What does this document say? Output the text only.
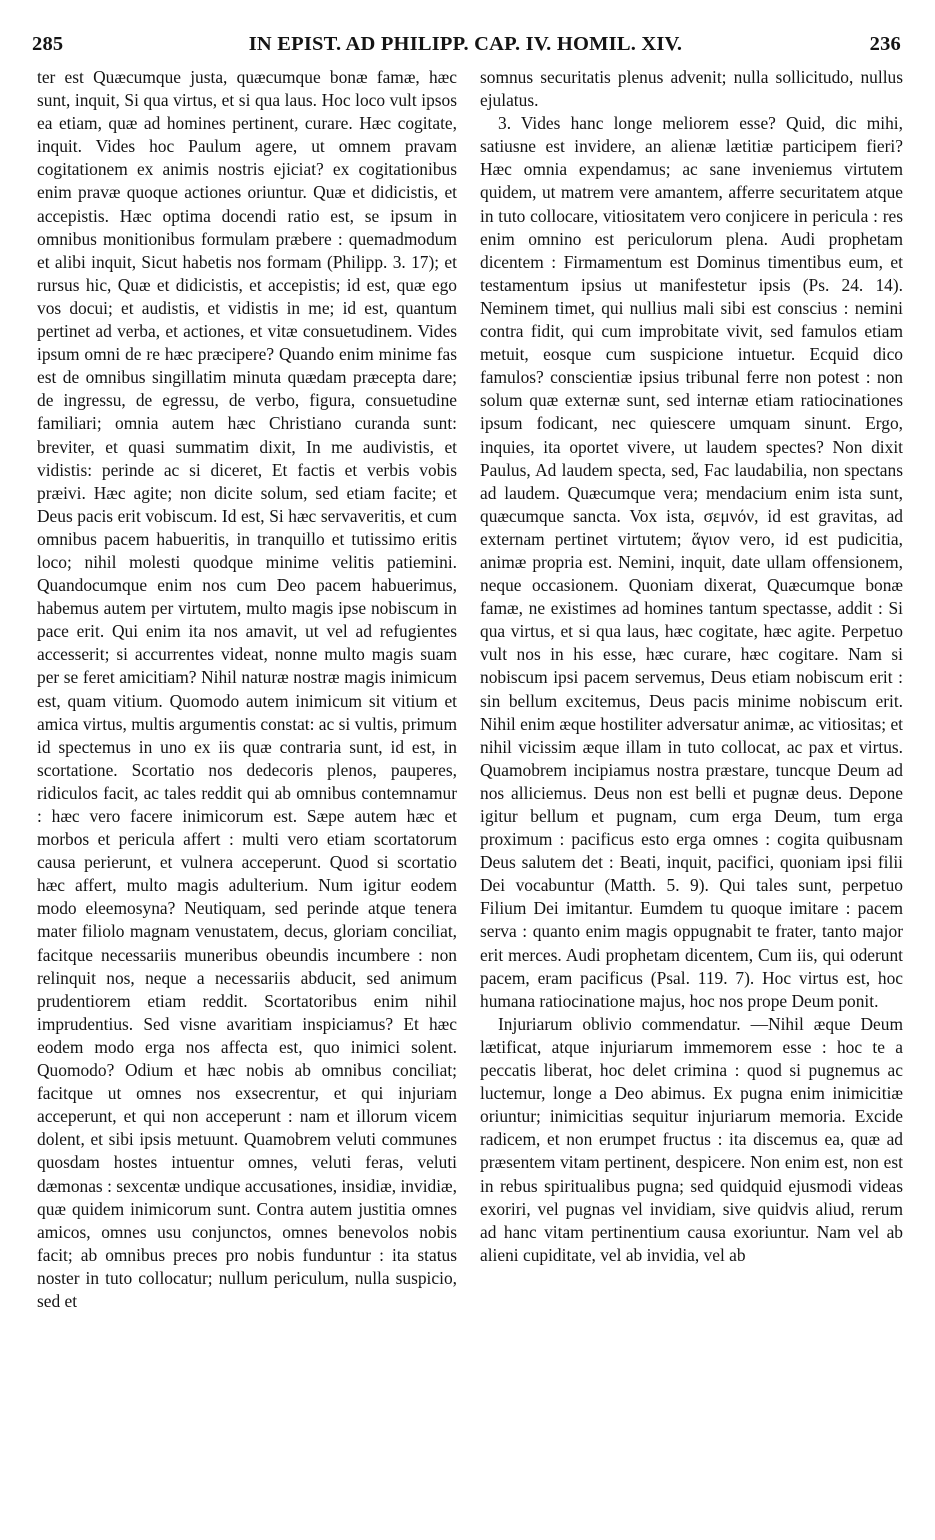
285	IN EPIST. AD PHILIPP. CAP. IV. HOMIL. XIV.	236

ter est Quæcumque justa, quæcumque bonæ famæ, hæc sunt, inquit, Si qua virtus, et si qua laus. Hoc loco vult ipsos ea etiam, quæ ad homines pertinent, curare. Hæc cogitate, inquit. Vides hoc Paulum agere, ut omnem pravam cogitationem ex animis nostris ejiciat? ex cogitationibus enim pravæ quoque actiones oriuntur. Quæ et didicistis, et accepistis. Hæc optima docendi ratio est, se ipsum in omnibus monitionibus formulam præbere : quemadmodum et alibi inquit, Sicut habetis nos formam (Philipp. 3. 17); et rursus hic, Quæ et didicistis, et accepistis; id est, quæ ego vos docui; et audistis, et vidistis in me; id est, quantum pertinet ad verba, et actiones, et vitæ consuetudinem. Vides ipsum omni de re hæc præcipere? Quando enim minime fas est de omnibus singillatim minuta quædam præcepta dare; de ingressu, de egressu, de verbo, figura, consuetudine familiari; omnia autem hæc Christiano curanda sunt: breviter, et quasi summatim dixit, In me audivistis, et vidistis: perinde ac si diceret, Et factis et verbis vobis præivi. Hæc agite; non dicite solum, sed etiam facite; et Deus pacis erit vobiscum. Id est, Si hæc servaveritis, et cum omnibus pacem habueritis, in tranquillo et tutissimo eritis loco; nihil molesti quodque minime velitis patiemini. Quandocumque enim nos cum Deo pacem habuerimus, habemus autem per virtutem, multo magis ipse nobiscum in pace erit. Qui enim ita nos amavit, ut vel ad refugientes accesserit; si accurrentes videat, nonne multo magis suam per se feret amicitiam? Nihil naturæ nostræ magis inimicum est, quam vitium. Quomodo autem inimicum sit vitium et amica virtus, multis argumentis constat: ac si vultis, primum id spectemus in uno ex iis quæ contraria sunt, id est, in scortatione. Scortatio nos dedecoris plenos, pauperes, ridiculos facit, ac tales reddit qui ab omnibus contemnamur : hæc vero facere inimicorum est. Sæpe autem hæc et morbos et pericula affert : multi vero etiam scortatorum causa perierunt, et vulnera acceperunt. Quod si scortatio hæc affert, multo magis adulterium. Num igitur eodem modo eleemosyna? Neutiquam, sed perinde atque tenera mater filiolo magnam venustatem, decus, gloriam conciliat, facitque necessariis muneribus obeundis incumbere : non relinquit nos, neque a necessariis abducit, sed animum prudentiorem etiam reddit. Scortatoribus enim nihil imprudentius. Sed visne avaritiam inspiciamus? Et hæc eodem modo erga nos affecta est, quo inimici solent. Quomodo? Odium et hæc nobis ab omnibus conciliat; facitque ut omnes nos exsecrentur, et qui injuriam acceperunt, et qui non acceperunt : nam et illorum vicem dolent, et sibi ipsis metuunt. Quamobrem veluti communes quosdam hostes intuentur omnes, veluti feras, veluti dæmonas : sexcentæ undique accusationes, insidiæ, invidiæ, quæ quidem inimicorum sunt. Contra autem justitia omnes amicos, omnes usu conjunctos, omnes benevolos nobis facit; ab omnibus preces pro nobis funduntur : ita status noster in tuto collocatur; nullum periculum, nulla suspicio, sed et

somnus securitatis plenus advenit; nulla sollicitudo, nullus ejulatus.

3. Vides hanc longe meliorem esse? Quid, dic mihi, satiusne est invidere, an alienæ lætitiæ participem fieri? Hæc omnia expendamus; ac sane inveniemus virtutem quidem, ut matrem vere amantem, afferre securitatem atque in tuto collocare, vitiositatem vero conjicere in pericula : res enim omnino est periculorum plena. Audi prophetam dicentem : Firmamentum est Dominus timentibus eum, et testamentum ipsius ut manifestetur ipsis (Ps. 24. 14). Neminem timet, qui nullius mali sibi est conscius : nemini contra fidit, qui cum improbitate vivit, sed famulos etiam metuit, eosque cum suspicione intuetur. Ecquid dico famulos? conscientiæ ipsius tribunal ferre non potest : non solum quæ externæ sunt, sed internæ etiam ratiocinationes ipsum fodicant, nec quiescere umquam sinunt. Ergo, inquies, ita oportet vivere, ut laudem spectes? Non dixit Paulus, Ad laudem specta, sed, Fac laudabilia, non spectans ad laudem. Quæcumque vera; mendacium enim ista sunt, quæcumque sancta. Vox ista, σεμνόν, id est gravitas, ad externam pertinet virtutem; ἅγιον vero, id est pudicitia, animæ propria est. Nemini, inquit, date ullam offensionem, neque occasionem. Quoniam dixerat, Quæcumque bonæ famæ, ne existimes ad homines tantum spectasse, addit : Si qua virtus, et si qua laus, hæc cogitate, hæc agite. Perpetuo vult nos in his esse, hæc curare, hæc cogitare. Nam si nobiscum ipsi pacem servemus, Deus etiam nobiscum erit : sin bellum excitemus, Deus pacis minime nobiscum erit. Nihil enim æque hostiliter adversatur animæ, ac vitiositas; et nihil vicissim æque illam in tuto collocat, ac pax et virtus. Quamobrem incipiamus nostra præstare, tuncque Deum ad nos alliciemus. Deus non est belli et pugnæ deus. Depone igitur bellum et pugnam, cum erga Deum, tum erga proximum : pacificus esto erga omnes : cogita quibusnam Deus salutem det : Beati, inquit, pacifici, quoniam ipsi filii Dei vocabuntur (Matth. 5. 9). Qui tales sunt, perpetuo Filium Dei imitantur. Eumdem tu quoque imitare : pacem serva : quanto enim magis oppugnabit te frater, tanto major erit merces. Audi prophetam dicentem, Cum iis, qui oderunt pacem, eram pacificus (Psal. 119. 7). Hoc virtus est, hoc humana ratiocinatione majus, hoc nos prope Deum ponit.

Injuriarum oblivio commendatur. —Nihil æque Deum lætificat, atque injuriarum immemorem esse : hoc te a peccatis liberat, hoc delet crimina : quod si pugnemus ac luctemur, longe a Deo abimus. Ex pugna enim inimicitiæ oriuntur; inimicitias sequitur injuriarum memoria. Excide radicem, et non erumpet fructus : ita discemus ea, quæ ad præsentem vitam pertinent, despicere. Non enim est, non est in rebus spiritualibus pugna; sed quidquid ejusmodi videas exoriri, vel pugnas vel invidiam, sive quidvis aliud, rerum ad hanc vitam pertinentium causa exoriuntur. Nam vel ab alieni cupiditate, vel ab invidia, vel ab
